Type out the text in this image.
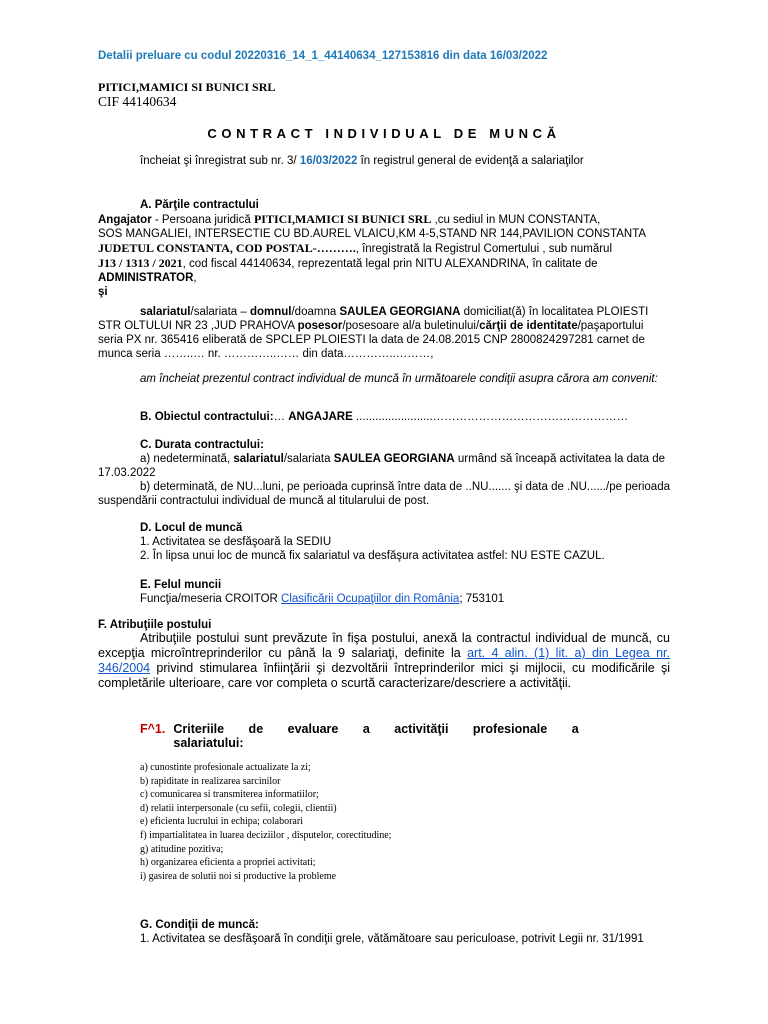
Detalii preluare cu codul 20220316_14_1_44140634_127153816 din data 16/03/2022

PITICI,MAMICI SI BUNICI SRL

CIF 44140634

CONTRACT INDIVIDUAL DE MUNCĂ

încheiat şi înregistrat sub nr. 3/ 16/03/2022 în registrul general de evidenţă a salariaţilor

A. Părţile contractului

Angajator - Persoana juridică PITICI,MAMICI SI BUNICI SRL ,cu sediul in MUN CONSTANTA,

SOS MANGALIEI, INTERSECTIE CU BD.AUREL VLAICU,KM 4-5,STAND NR 144,PAVILION CONSTANTA

JUDETUL CONSTANTA, COD POSTAL-………., înregistrată la Registrul Comertului , sub numărul

J13 / 1313 / 2021, cod fiscal 44140634, reprezentată legal prin NITU ALEXANDRINA, în calitate de

ADMINISTRATOR,

şi

salariatul/salariata – domnul/doamna SAULEA GEORGIANA domiciliat(ă) în localitatea PLOIESTI

STR OLTULUI NR 23 ,JUD PRAHOVA posesor/posesoare al/a buletinului/cărţii de identitate/paşaportului

seria PX nr. 365416 eliberată de SPCLEP PLOIESTI la data de 24.08.2015 CNP 2800824297281 carnet de

munca seria ……..… nr. …………..…… din data…………..………,

am încheiat prezentul contract individual de muncă în următoarele condiţii asupra cărora am convenit:

B. Obiectul contractului:… ANGAJARE ........................……………………………………………

C. Durata contractului:

a) nedeterminată, salariatul/salariata SAULEA GEORGIANA urmând să înceapă activitatea la data de 17.03.2022

b) determinată, de NU...luni, pe perioada cuprinsă între data de ..NU....... şi data de .NU....../pe perioada suspendării contractului individual de muncă al titularului de post.

D. Locul de muncă

1. Activitatea se desfăşoară la SEDIU

2. În lipsa unui loc de muncă fix salariatul va desfăşura activitatea astfel: NU ESTE CAZUL.

E. Felul muncii

Funcţia/meseria CROITOR Clasificării Ocupaţiilor din România; 753101

F. Atribuţiile postului

Atribuţiile postului sunt prevăzute în fişa postului, anexă la contractul individual de muncă, cu excepţia microîntreprinderilor cu până la 9 salariaţi, definite la art. 4 alin. (1) lit. a) din Legea nr. 346/2004 privind stimularea înfiinţării şi dezvoltării întreprinderilor mici şi mijlocii, cu modificările şi completările ulterioare, care vor completa o scurtă caracterizare/descriere a activităţii.

F^1. Criteriile de evaluare a activităţii profesionale a salariatului:

a) cunostinte profesionale actualizate la zi;

b) rapiditate in realizarea sarcinilor

c) comunicarea si transmiterea informatiilor;

d) relatii interpersonale (cu sefii, colegii, clientii)

e) eficienta lucrului in echipa; colaborari

f) impartialitatea in luarea deciziilor , disputelor, corectitudine;

g) atitudine pozitiva;

h) organizarea eficienta a propriei activitati;

i) gasirea de solutii noi si productive la probleme

G. Condiţii de muncă:

1. Activitatea se desfăşoară în condiţii grele, vătămătoare sau periculoase, potrivit Legii nr. 31/1991
